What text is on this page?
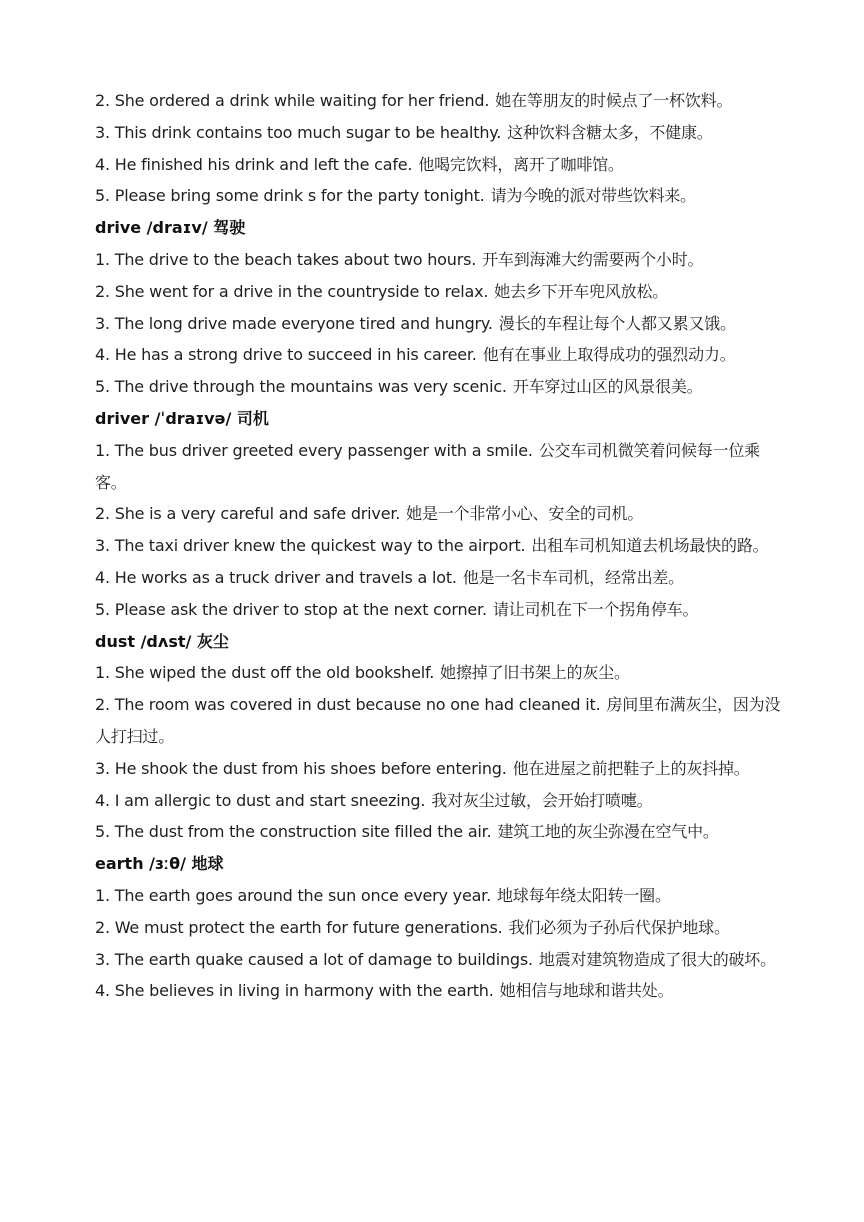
2. She ordered a drink while waiting for her friend. 她在等朋友的时候点了一杯饮料。
3. This drink contains too much sugar to be healthy. 这种饮料含糖太多，不健康。
4. He finished his drink and left the cafe. 他喝完饮料，离开了咖啡馆。
5. Please bring some drink s for the party tonight. 请为今晚的派对带些饮料来。
drive /draɪv/ 驾驶
1. The drive to the beach takes about two hours. 开车到海滩大约需要两个小时。
2. She went for a drive in the countryside to relax. 她去乡下开车兜风放松。
3. The long drive made everyone tired and hungry. 漫长的车程让每个人都又累又饿。
4. He has a strong drive to succeed in his career. 他有在事业上取得成功的强烈动力。
5. The drive through the mountains was very scenic. 开车穿过山区的风景很美。
driver /ˈdraɪvə/ 司机
1. The bus driver greeted every passenger with a smile. 公交车司机微笑着问候每一位乘客。
2. She is a very careful and safe driver. 她是一个非常小心、安全的司机。
3. The taxi driver knew the quickest way to the airport. 出租车司机知道去机场最快的路。
4. He works as a truck driver and travels a lot. 他是一名卡车司机，经常出差。
5. Please ask the driver to stop at the next corner. 请让司机在下一个拐角停车。
dust /dʌst/ 灰尘
1. She wiped the dust off the old bookshelf. 她擦掉了旧书架上的灰尘。
2. The room was covered in dust because no one had cleaned it. 房间里布满灰尘，因为没人打扫过。
3. He shook the dust from his shoes before entering. 他在进屋之前把鞋子上的灰抖掉。
4. I am allergic to dust and start sneezing. 我对灰尘过敏，会开始打喷嚏。
5. The dust from the construction site filled the air. 建筑工地的灰尘弥漫在空气中。
earth /ɜːθ/ 地球
1. The earth goes around the sun once every year. 地球每年绕太阳转一圈。
2. We must protect the earth for future generations. 我们必须为子孙后代保护地球。
3. The earth quake caused a lot of damage to buildings. 地震对建筑物造成了很大的破坏。
4. She believes in living in harmony with the earth. 她相信与地球和谐共处。
